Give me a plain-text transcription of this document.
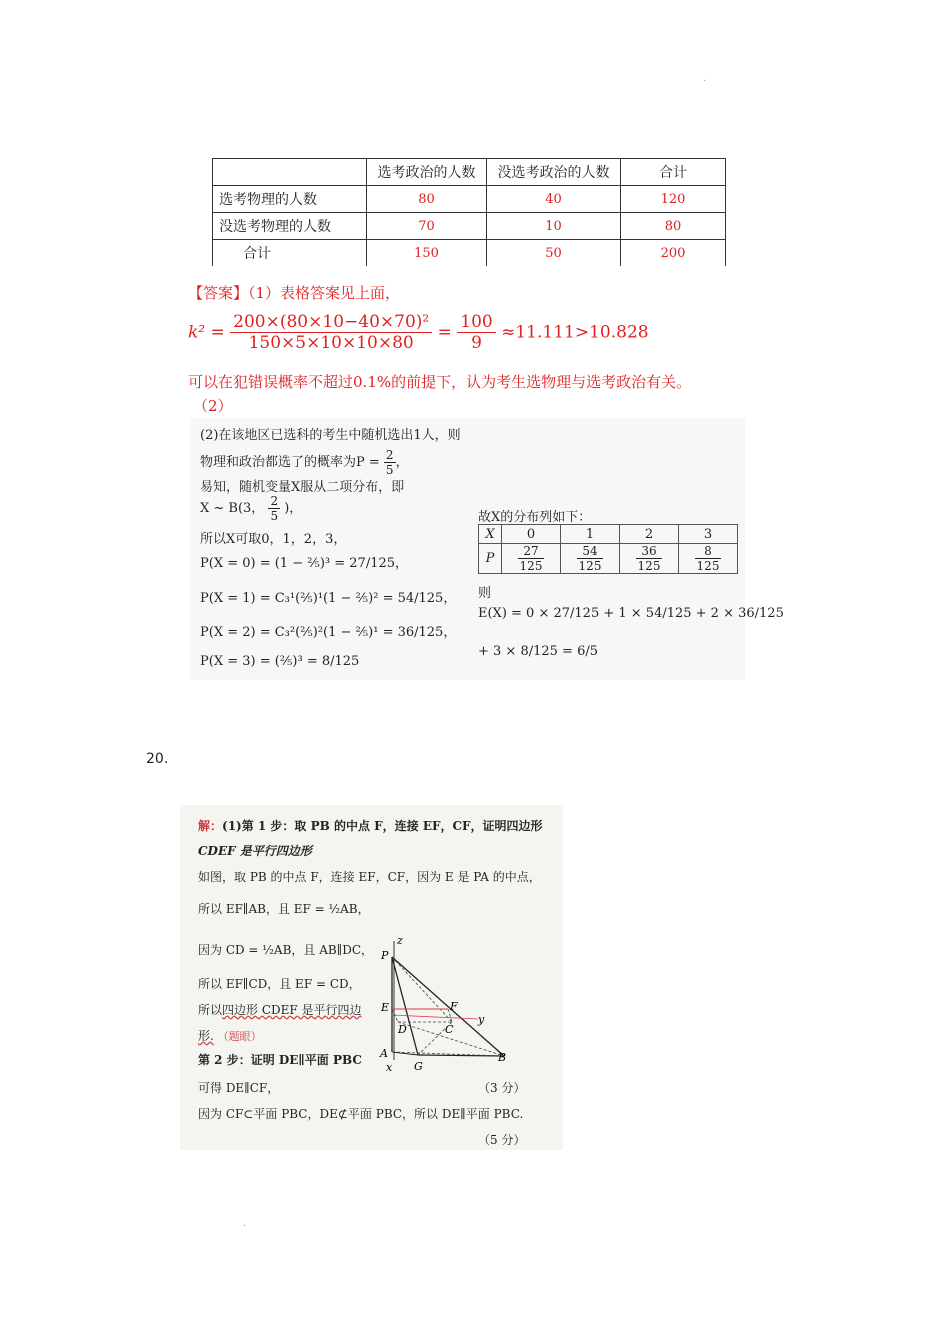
.
.
	选考政治的人数	没选考政治的人数	合计
选考物理的人数	80	40	120
没选考物理的人数	70	10	80
合计	150	50	200
【答案】（1）表格答案见上面，
$k^2 = \frac{\text{200×(80×10−40×70)²}}{150\times 5\times 10\times 10\times 80} = \frac{100}{9} \approx 11.111>10.828$
可以在犯错误概率不超过0.1%的前提下，认为考生选物理与选考政治有关。
（2）
(2)在该地区已选科的考生中随机选出1人，则
物理和政治都选了的概率为$P = \frac{2}{5}$ ，
易知，随机变量X服从二项分布，即
X ~ B(3， $\frac{2}{5}$ )，
所以X可取0，1，2，3，
P(X = 0) = (1 − ⅖)³ = 27/125，
P(X = 1) = C₃¹(⅖)¹(1 − ⅖)² = 54/125，
P(X = 2) = C₃²(⅖)²(1 − ⅖)¹ = 36/125，
P(X = 3) = (⅖)³ = 8/125
故X的分布列如下：
X	0	1	2	3
P	$\frac{27}{125}$	$\frac{54}{125}$	$\frac{36}{125}$	$\frac{8}{125}$
则
E(X) = 0 × 27/125 + 1 × 54/125 + 2 × 36/125
+ 3 × 8/125 = 6/5
20.
解：(1)第 1 步：取 PB 的中点 F，连接 EF，CF，证明四边形
CDEF 是平行四边形
如图，取 PB 的中点 F，连接 EF，CF，因为 E 是 PA 的中点，
所以 EF∥AB，且 EF = ½AB，
因为 CD = ½AB，且 AB∥DC，
所以 EF∥CD，且 EF = CD，
所以四边形 CDEF 是平行四边
形. （题眼）
第 2 步：证明 DE∥平面 PBC
可得 DE∥CF，	（3 分）
因为 CF⊂平面 PBC，DE⊄平面 PBC，所以 DE∥平面 PBC.
（5 分）
z
P
E	F
D	C
A
G
B
x
y
